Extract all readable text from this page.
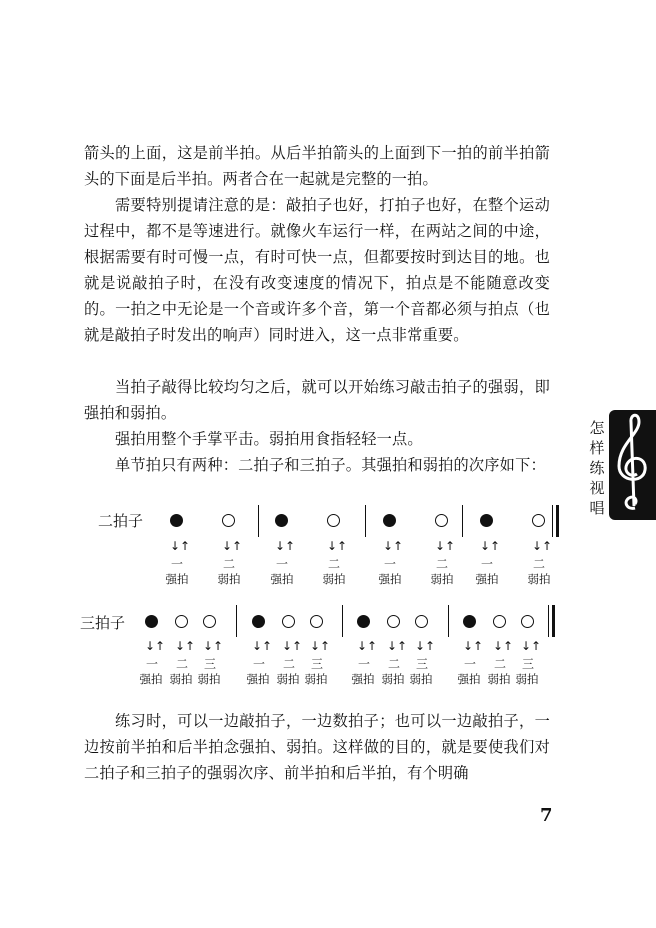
箭头的上面，这是前半拍。从后半拍箭头的上面到下一拍的前半拍箭头的下面是后半拍。两者合在一起就是完整的一拍。

需要特别提请注意的是：敲拍子也好，打拍子也好，在整个运动过程中，都不是等速进行。就像火车运行一样，在两站之间的中途，根据需要有时可慢一点，有时可快一点，但都要按时到达目的地。也就是说敲拍子时，在没有改变速度的情况下，拍点是不能随意改变的。一拍之中无论是一个音或许多个音，第一个音都必须与拍点（也就是敲拍子时发出的响声）同时进入，这一点非常重要。

当拍子敲得比较均匀之后，就可以开始练习敲击拍子的强弱，即强拍和弱拍。

强拍用整个手掌平击。弱拍用食指轻轻一点。

单节拍只有两种：二拍子和三拍子。其强拍和弱拍的次序如下：

怎
样
练
视
唱
二拍子
↓↑
一
强拍
↓↑
二
弱拍
↓↑
一
强拍
↓↑
二
弱拍
↓↑
一
强拍
↓↑
二
弱拍
↓↑
一
强拍
↓↑
二
弱拍
三拍子
↓↑
一
强拍
↓↑
二
弱拍
↓↑
三
弱拍
↓↑
一
强拍
↓↑
二
弱拍
↓↑
三
弱拍
↓↑
一
强拍
↓↑
二
弱拍
↓↑
三
弱拍
↓↑
一
强拍
↓↑
二
弱拍
↓↑
三
弱拍

练习时，可以一边敲拍子，一边数拍子；也可以一边敲拍子，一边按前半拍和后半拍念强拍、弱拍。这样做的目的，就是要使我们对二拍子和三拍子的强弱次序、前半拍和后半拍，有个明确

7
